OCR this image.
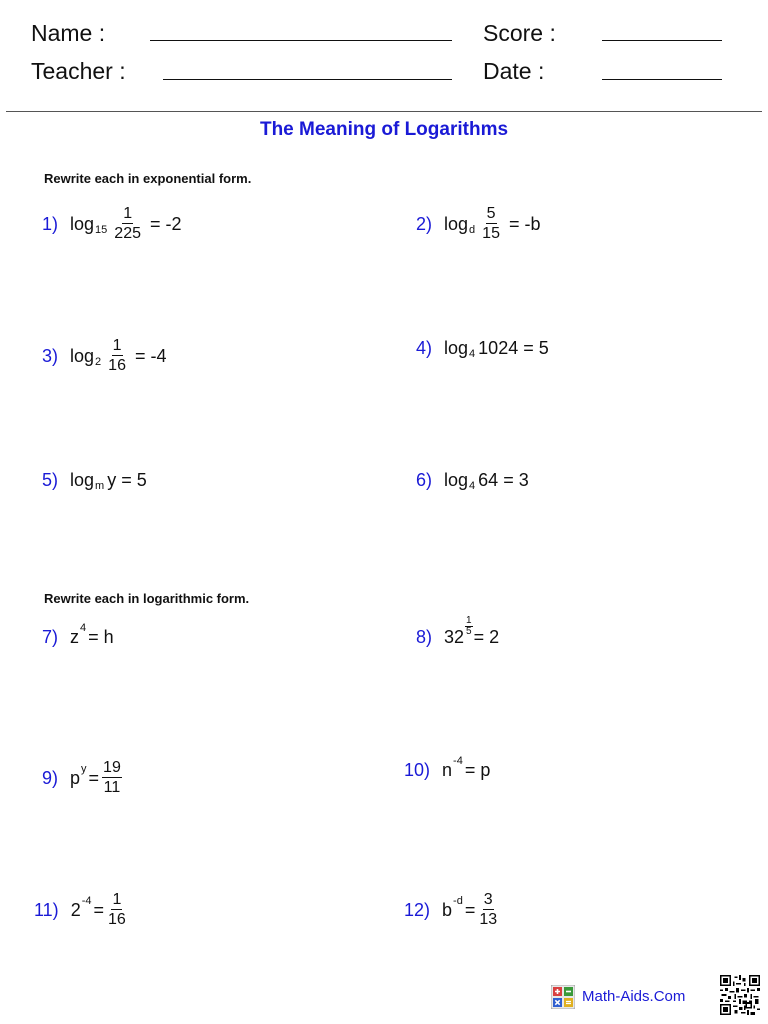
Name :
Teacher :
Score :
Date :
The Meaning of Logarithms
Rewrite each in exponential form.
1) $\log 15 \frac{1}{225} = -2$	2) log d $\frac{5}{15} = -b$
3) $\log 2 \frac{1}{16} = -4$	4) log 4 1024 = 5
5) log m y = 5	6) log 4 64 = 3
Rewrite each in logarithmic form.
7) z 4 = h	8) 32
$\frac{1}{5}$
= 2
9) p $y = \frac{19}{11}$	10) n -4 = p
11) 2 $-4 = \frac{1}{16}$	12) b $-d = \frac{3}{13}$
Math-Aids.Com
